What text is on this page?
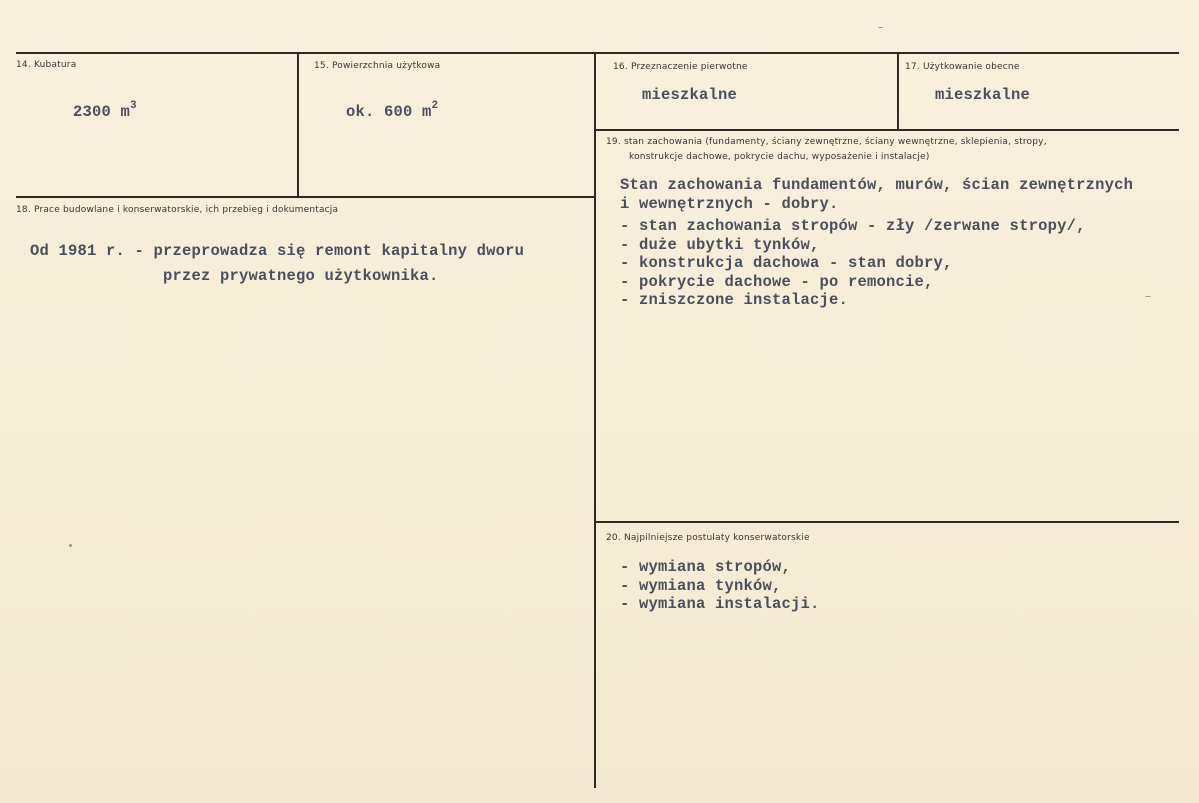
14. Kubatura
2300 $m^3$
15. Powierzchnia użytkowa
ok. 600 $m^2$
16. Przeznaczenie pierwotne
mieszkalne
17. Użytkowanie obecne
mieszkalne
18. Prace budowlane i konserwatorskie, ich przebieg i dokumentacja
Od 1981 r. - przeprowadza się remont kapitalny dworu
przez prywatnego użytkownika.
19. stan zachowania (fundamenty, ściany zewnętrzne, ściany wewnętrzne, sklepienia, stropy,
konstrukcje dachowe, pokrycie dachu, wyposażenie i instalacje)
Stan zachowania fundamentów, murów, ścian zewnętrznych
i wewnętrznych - dobry.
- stan zachowania stropów - zły /zerwane stropy/,
- duże ubytki tynków,
- konstrukcja dachowa - stan dobry,
- pokrycie dachowe - po remoncie,
- zniszczone instalacje.
20. Najpilniejsze postulaty konserwatorskie
- wymiana stropów,
- wymiana tynków,
- wymiana instalacji.
